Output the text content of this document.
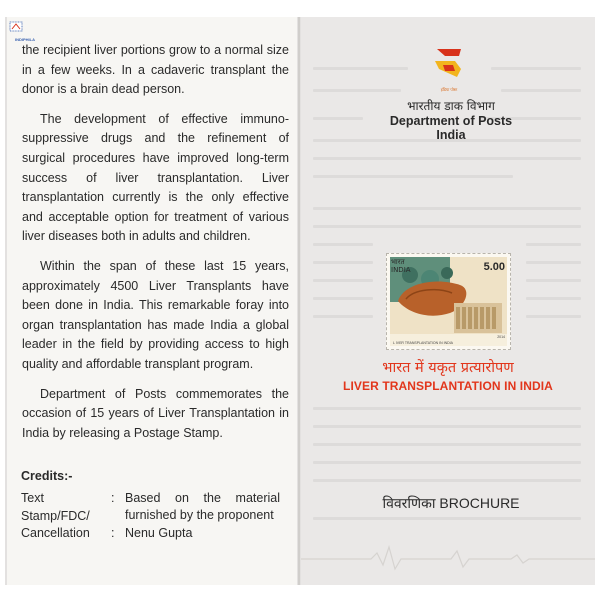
INDIPHILA

the recipient liver portions grow to a normal size in a few weeks. In a cadaveric transplant the donor is a brain dead person.

The development of effective immuno-suppressive drugs and the refinement of surgical procedures have improved long-term success of liver transplantation. Liver transplantation currently is the only effective and acceptable option for treatment of various liver diseases both in adults and children.

Within the span of these last 15 years, approximately 4500 Liver Transplants have been done in India. This remarkable foray into organ transplantation has made India a global leader in the field by providing access to high quality and affordable transplant program.

Department of Posts commemorates the occasion of 15 years of Liver Transplantation in India by releasing a Postage Stamp.

Credits:-
Text	: Based on the material furnished by the proponent
Stamp/FDC/ Cancellation	: Nenu Gupta
इंडिया पोस्ट
भारतीय डाक विभाग
Department of Posts
India
भारत
INDIA	5.00
L IVER TRANSPLANTATION IN INDIA
2014
भारत में यकृत प्रत्यारोपण
LIVER TRANSPLANTATION IN INDIA
विवरणिका BROCHURE
